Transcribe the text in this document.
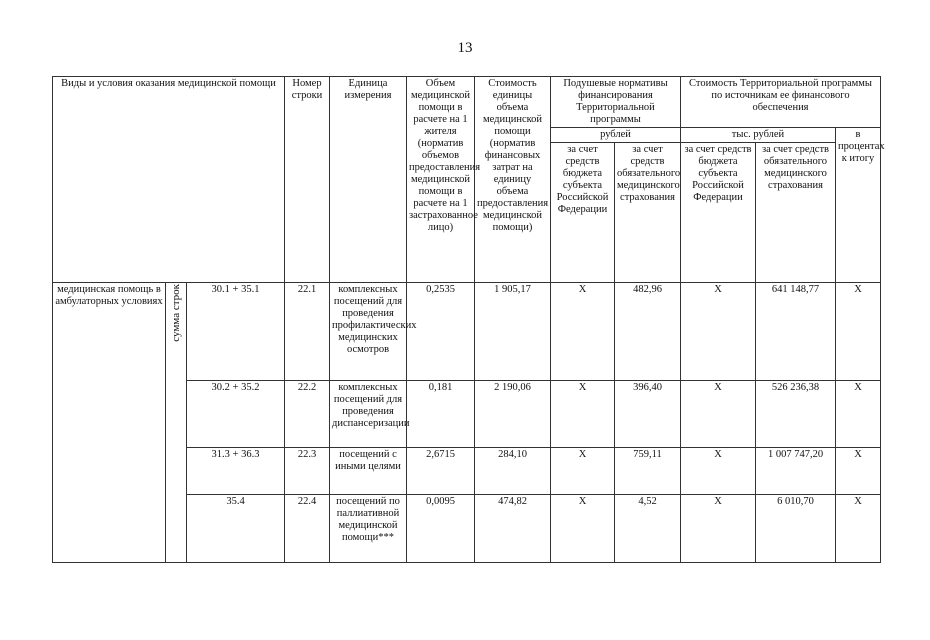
13
Виды и условия оказания медицинской помощи			Номер строки	Единица измерения	Объем медицинской помощи в расчете на 1 жителя (норматив объемов предоставления медицинской помощи в расчете на 1 застрахованное лицо)	Стоимость единицы объема медицинской помощи (норматив финансовых затрат на единицу объема предоставления медицинской помощи)	Подушевые нормативы финансирования Территориальной программы		Стоимость Территориальной программы по источникам ее финансового обеспечения		
							рублей		тыс. рублей		в процентах к итогу
							за счет средств бюджета субъекта Российской Федерации	за счет средств обязательного медицинского страхования	за счет средств бюджета субъекта Российской Федерации	за счет средств обязательного медицинского страхования	
медицинская помощь в амбулаторных условиях	сумма строк	30.1 + 35.1	22.1	комплексных посещений для проведения профилактических медицинских осмотров	0,2535	1 905,17	Х	482,96	Х	641 148,77	Х
		30.2 + 35.2	22.2	комплексных посещений для проведения диспансеризации	0,181	2 190,06	Х	396,40	Х	526 236,38	Х
		31.3 + 36.3	22.3	посещений с иными целями	2,6715	284,10	Х	759,11	Х	1 007 747,20	Х
		35.4	22.4	посещений по паллиативной медицинской помощи***	0,0095	474,82	Х	4,52	Х	6 010,70	Х
